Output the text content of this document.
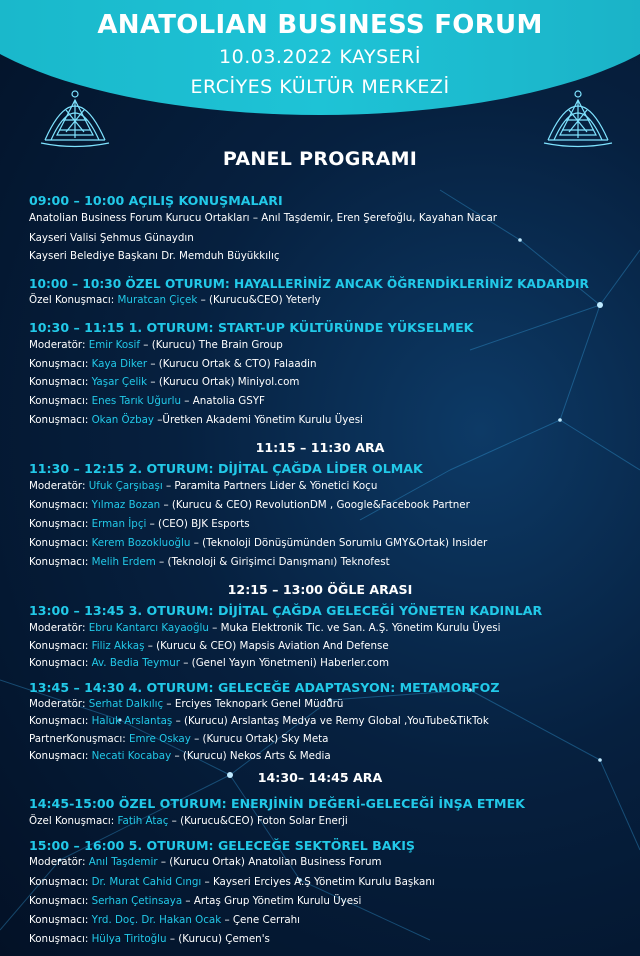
ANATOLIAN BUSINESS FORUM
10.03.2022 KAYSERİ
ERCİYES KÜLTÜR MERKEZİ
PANEL PROGRAMI
09:00 – 10:00 AÇILIŞ KONUŞMALARI
Anatolian Business Forum Kurucu Ortakları – Anıl Taşdemir, Eren Şerefoğlu, Kayahan Nacar
Kayseri Valisi Şehmus Günaydın
Kayseri Belediye Başkanı Dr. Memduh Büyükkılıç
10:00 – 10:30 ÖZEL OTURUM: HAYALLERİNİZ ANCAK ÖĞRENDİKLERİNİZ KADARDIR
Özel Konuşmacı: Muratcan Çiçek – (Kurucu&CEO) Yeterly
10:30 – 11:15 1. OTURUM: START-UP KÜLTÜRÜNDE YÜKSELMEK
Moderatör: Emir Kosif – (Kurucu) The Brain Group
Konuşmacı: Kaya Diker – (Kurucu Ortak & CTO) Falaadin
Konuşmacı: Yaşar Çelik – (Kurucu Ortak) Miniyol.com
Konuşmacı: Enes Tarık Uğurlu – Anatolia GSYF
Konuşmacı: Okan Özbay –Üretken Akademi Yönetim Kurulu Üyesi
11:15 – 11:30 ARA
11:30 – 12:15 2. OTURUM: DİJİTAL ÇAĞDA LİDER OLMAK
Moderatör: Ufuk Çarşıbaşı – Paramita Partners Lider & Yönetici Koçu
Konuşmacı: Yılmaz Bozan – (Kurucu & CEO) RevolutionDM , Google&Facebook Partner
Konuşmacı: Erman İpçi – (CEO) BJK Esports
Konuşmacı: Kerem Bozokluoğlu – (Teknoloji Dönüşümünden Sorumlu GMY&Ortak) Insider
Konuşmacı: Melih Erdem – (Teknoloji & Girişimci Danışmanı) Teknofest
12:15 – 13:00 ÖĞLE ARASI
13:00 – 13:45 3. OTURUM: DİJİTAL ÇAĞDA GELECEĞİ YÖNETEN KADINLAR
Moderatör: Ebru Kantarcı Kayaoğlu – Muka Elektronik Tic. ve San. A.Ş. Yönetim Kurulu Üyesi
Konuşmacı: Filiz Akkaş – (Kurucu & CEO) Mapsis Aviation And Defense
Konuşmacı: Av. Bedia Teymur – (Genel Yayın Yönetmeni) Haberler.com
13:45 – 14:30 4. OTURUM: GELECEĞE ADAPTASYON: METAMORFOZ
Moderatör: Serhat Dalkılıç – Erciyes Teknopark Genel Müdürü
Konuşmacı: Haluk Arslantaş – (Kurucu) Arslantaş Medya ve Remy Global ,YouTube&TikTok
PartnerKonuşmacı: Emre Oskay – (Kurucu Ortak) Sky Meta
Konuşmacı: Necati Kocabay – (Kurucu) Nekos Arts & Media
14:30– 14:45 ARA
14:45-15:00 ÖZEL OTURUM: ENERJİNİN DEĞERİ-GELECEĞİ İNŞA ETMEK
Özel Konuşmacı: Fatih Ataç – (Kurucu&CEO) Foton Solar Enerji
15:00 – 16:00 5. OTURUM: GELECEĞE SEKTÖREL BAKIŞ
Moderatör: Anıl Taşdemir – (Kurucu Ortak) Anatolian Business Forum
Konuşmacı: Dr. Murat Cahid Cıngı – Kayseri Erciyes A.Ş Yönetim Kurulu Başkanı
Konuşmacı: Serhan Çetinsaya – Artaş Grup Yönetim Kurulu Üyesi
Konuşmacı: Yrd. Doç. Dr. Hakan Ocak – Çene Cerrahı
Konuşmacı: Hülya Tiritoğlu – (Kurucu) Çemen's
